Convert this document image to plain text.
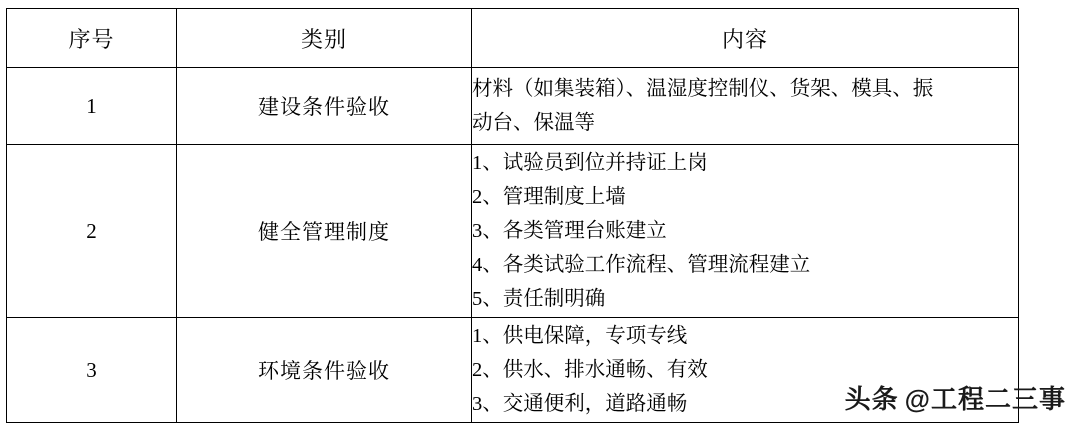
序号	类别	内容
1	建设条件验收	材料（如集装箱）、温湿度控制仪、货架、模具、振
动台、保温等

2	健全管理制度	1、试验员到位并持证上岗
2、管理制度上墙
3、各类管理台账建立
4、各类试验工作流程、管理流程建立
5、责任制明确

3	环境条件验收	1、供电保障，专项专线
2、供水、排水通畅、有效
3、交通便利，道路通畅	头条 @工程二三事
